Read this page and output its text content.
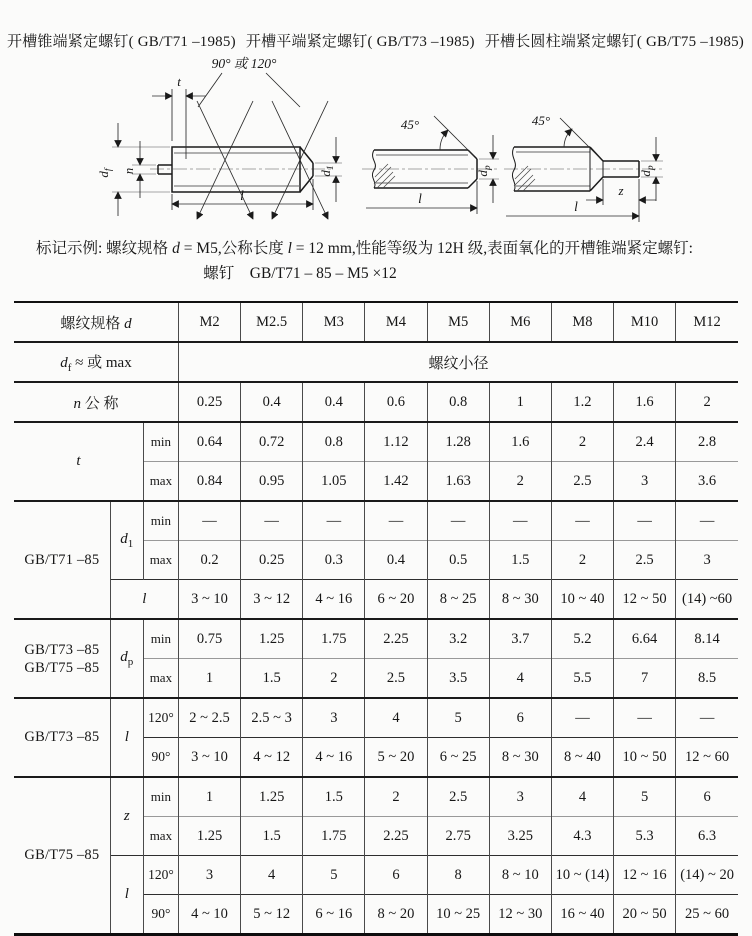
开槽锥端紧定螺钉( GB/T71 –1985) 开槽平端紧定螺钉( GB/T73 –1985) 开槽长圆柱端紧定螺钉( GB/T75 –1985)
90° 或 120°
t
$d_f$ n	$d_1$
l
45°
$d_p$
l
45°
$d_p$
z
l
标记示例: 螺纹规格 d = M5,公称长度 l = 12 mm,性能等级为 12H 级,表面氧化的开槽锥端紧定螺钉:
螺钉　GB/T71 – 85 – M5 ×12
螺纹规格 d			M2	M2.5	M3	M4	M5	M6	M8	M10	M12
$d_f$ ≈ 或 max			螺纹小径								
n 公 称			0.25	0.4	0.4	0.6	0.8	1	1.2	1.6	2
t		min	0.64	0.72	0.8	1.12	1.28	1.6	2	2.4	2.8
		max	0.84	0.95	1.05	1.42	1.63	2	2.5	3	3.6
GB/T71 –85	$d_1$	min	—	—	—	—	—	—	—	—	—
		max	0.2	0.25	0.3	0.4	0.5	1.5	2	2.5	3
	l		3 ~ 10	3 ~ 12	4 ~ 16	6 ~ 20	8 ~ 25	8 ~ 30	10 ~ 40	12 ~ 50	(14) ~60

GB/T73 –85
GB/T75 –85	$d_p$	min	0.75	1.25	1.75	2.25	3.2	3.7	5.2	6.64	8.14
		max	1	1.5	2	2.5	3.5	4	5.5	7	8.5
GB/T73 –85	l	120°	2 ~ 2.5	2.5 ~ 3	3	4	5	6	—	—	—
		90°	3 ~ 10	4 ~ 12	4 ~ 16	5 ~ 20	6 ~ 25	8 ~ 30	8 ~ 40	10 ~ 50	12 ~ 60
GB/T75 –85	z	min	1	1.25	1.5	2	2.5	3	4	5	6
		max	1.25	1.5	1.75	2.25	2.75	3.25	4.3	5.3	6.3
	l	120°	3	4	5	6	8	8 ~ 10	10 ~ (14)	12 ~ 16	(14) ~ 20
		90°	4 ~ 10	5 ~ 12	6 ~ 16	8 ~ 20	10 ~ 25	12 ~ 30	16 ~ 40	20 ~ 50	25 ~ 60
